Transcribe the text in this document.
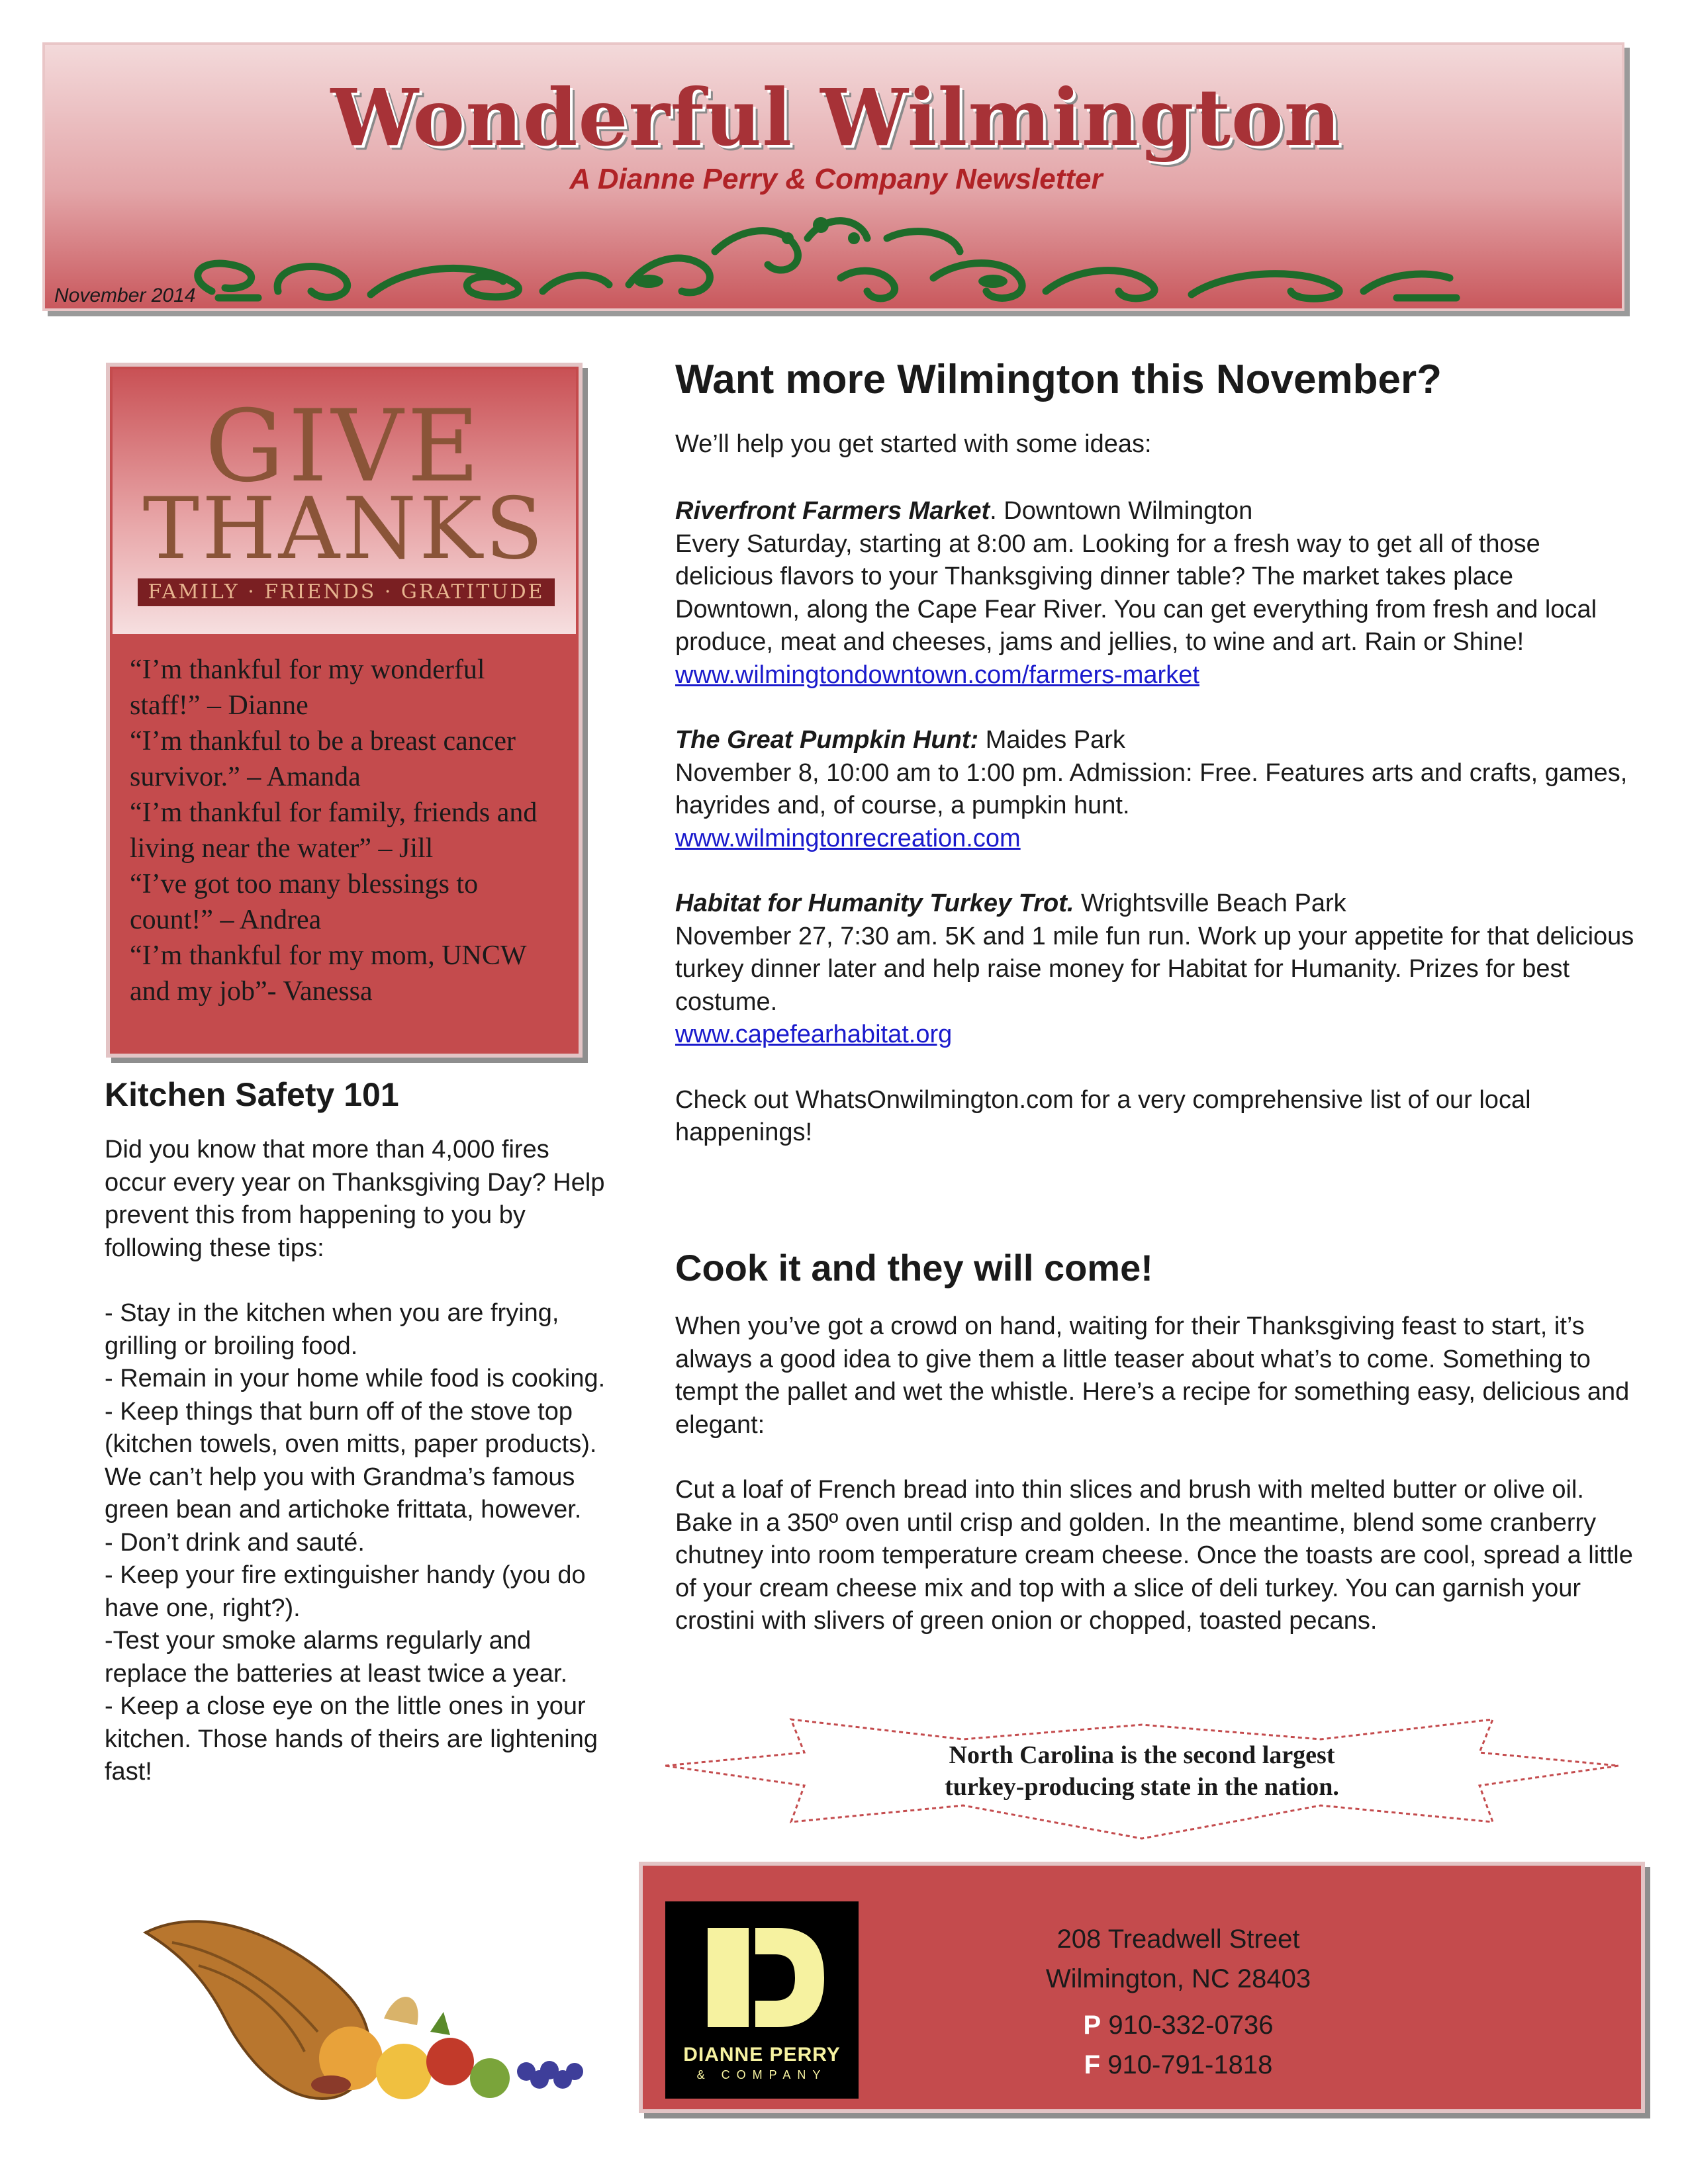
Wonderful Wilmington
A Dianne Perry & Company Newsletter
November 2014
GIVE
THANKS
FAMILY · FRIENDS · GRATITUDE
“I’m thankful for my wonderful staff!” – Dianne
“I’m thankful to be a breast cancer survivor.” – Amanda
“I’m thankful for family, friends and living near the water” – Jill
“I’ve got too many blessings to count!” – Andrea
“I’m thankful for my mom, UNCW and my job”- Vanessa
Kitchen Safety 101

Did you know that more than 4,000 fires occur every year on Thanksgiving Day? Help prevent this from happening to you by following these tips:

- Stay in the kitchen when you are frying, grilling or broiling food.

- Remain in your home while food is cooking.

- Keep things that burn off of the stove top (kitchen towels, oven mitts, paper products). We can’t help you with Grandma’s famous green bean and artichoke frittata, however.

- Don’t drink and sauté.

- Keep your fire extinguisher handy (you do have one, right?).

-Test your smoke alarms regularly and replace the batteries at least twice a year.

- Keep a close eye on the little ones in your kitchen. Those hands of theirs are lightening fast!

Want more Wilmington this November?
We’ll help you get started with some ideas:

Riverfront Farmers Market. Downtown Wilmington

Every Saturday, starting at 8:00 am. Looking for a fresh way to get all of those delicious flavors to your Thanksgiving dinner table? The market takes place Downtown, along the Cape Fear River. You can get everything from fresh and local produce, meat and cheeses, jams and jellies, to wine and art. Rain or Shine!

www.wilmingtondowntown.com/farmers-market

The Great Pumpkin Hunt: Maides Park

November 8, 10:00 am to 1:00 pm. Admission: Free. Features arts and crafts, games, hayrides and, of course, a pumpkin hunt.

www.wilmingtonrecreation.com

Habitat for Humanity Turkey Trot. Wrightsville Beach Park

November 27, 7:30 am. 5K and 1 mile fun run. Work up your appetite for that delicious turkey dinner later and help raise money for Habitat for Humanity. Prizes for best costume.

www.capefearhabitat.org

Check out WhatsOnwilmington.com for a very comprehensive list of our local happenings!

Cook it and they will come!

When you’ve got a crowd on hand, waiting for their Thanksgiving feast to start, it’s always a good idea to give them a little teaser about what’s to come. Something to tempt the pallet and wet the whistle. Here’s a recipe for something easy, delicious and elegant:

Cut a loaf of French bread into thin slices and brush with melted butter or olive oil. Bake in a 350º oven until crisp and golden. In the meantime, blend some cranberry chutney into room temperature cream cheese. Once the toasts are cool, spread a little of your cream cheese mix and top with a slice of deli turkey. You can garnish your crostini with slivers of green onion or chopped, toasted pecans.

North Carolina is the second largest
turkey-producing state in the nation.
DIANNE PERRY
& COMPANY
208 Treadwell Street
Wilmington, NC 28403
P 910-332-0736
F 910-791-1818
